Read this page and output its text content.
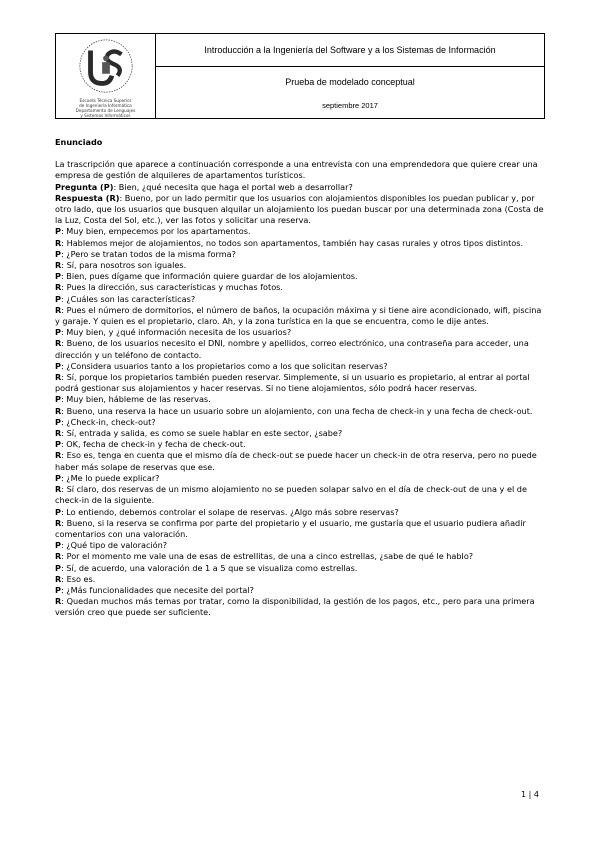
Escuela Técnica Superior
de Ingeniería Informática
Departamento de Lenguajes
y Sistemas Informáticos
Introducción a la Ingeniería del Software y a los Sistemas de Información
Prueba de modelado conceptual
septiembre 2017
Enunciado

La trascripción que aparece a continuación corresponde a una entrevista con una emprendedora que quiere crear una empresa de gestión de alquileres de apartamentos turísticos.

Pregunta (P): Bien, ¿qué necesita que haga el portal web a desarrollar?

Respuesta (R): Bueno, por un lado permitir que los usuarios con alojamientos disponibles los puedan publicar y, por otro lado, que los usuarios que busquen alquilar un alojamiento los puedan buscar por una determinada zona (Costa de la Luz, Costa del Sol, etc.), ver las fotos y solicitar una reserva.

P: Muy bien, empecemos por los apartamentos.

R: Hablemos mejor de alojamientos, no todos son apartamentos, también hay casas rurales y otros tipos distintos.

P: ¿Pero se tratan todos de la misma forma?

R: Sí, para nosotros son iguales.

P: Bien, pues dígame que información quiere guardar de los alojamientos.

R: Pues la dirección, sus características y muchas fotos.

P: ¿Cuáles son las características?

R: Pues el número de dormitorios, el número de baños, la ocupación máxima y si tiene aire acondicionado, wifi, piscina y garaje. Y quien es el propietario, claro. Ah, y la zona turística en la que se encuentra, como le dije antes.

P: Muy bien, y ¿qué información necesita de los usuarios?

R: Bueno, de los usuarios necesito el DNI, nombre y apellidos, correo electrónico, una contraseña para acceder, una dirección y un teléfono de contacto.

P: ¿Considera usuarios tanto a los propietarios como a los que solicitan reservas?

R: Sí, porque los propietarios también pueden reservar. Simplemente, si un usuario es propietario, al entrar al portal podrá gestionar sus alojamientos y hacer reservas. Si no tiene alojamientos, sólo podrá hacer reservas.

P: Muy bien, hábleme de las reservas.

R: Bueno, una reserva la hace un usuario sobre un alojamiento, con una fecha de check-in y una fecha de check-out.

P: ¿Check-in, check-out?

R: Sí, entrada y salida, es como se suele hablar en este sector, ¿sabe?

P: OK, fecha de check-in y fecha de check-out.

R: Eso es, tenga en cuenta que el mismo día de check-out se puede hacer un check-in de otra reserva, pero no puede haber más solape de reservas que ese.

P: ¿Me lo puede explicar?

R: Sí claro, dos reservas de un mismo alojamiento no se pueden solapar salvo en el día de check-out de una y el de check-in de la siguiente.

P: Lo entiendo, debemos controlar el solape de reservas. ¿Algo más sobre reservas?

R: Bueno, si la reserva se confirma por parte del propietario y el usuario, me gustaría que el usuario pudiera añadir comentarios con una valoración.

P: ¿Qué tipo de valoración?

R: Por el momento me vale una de esas de estrellitas, de una a cinco estrellas, ¿sabe de qué le hablo?

P: Sí, de acuerdo, una valoración de 1 a 5 que se visualiza como estrellas.

R: Eso es.

P: ¿Más funcionalidades que necesite del portal?

R: Quedan muchos más temas por tratar, como la disponibilidad, la gestión de los pagos, etc., pero para una primera versión creo que puede ser suficiente.

1 | 4
